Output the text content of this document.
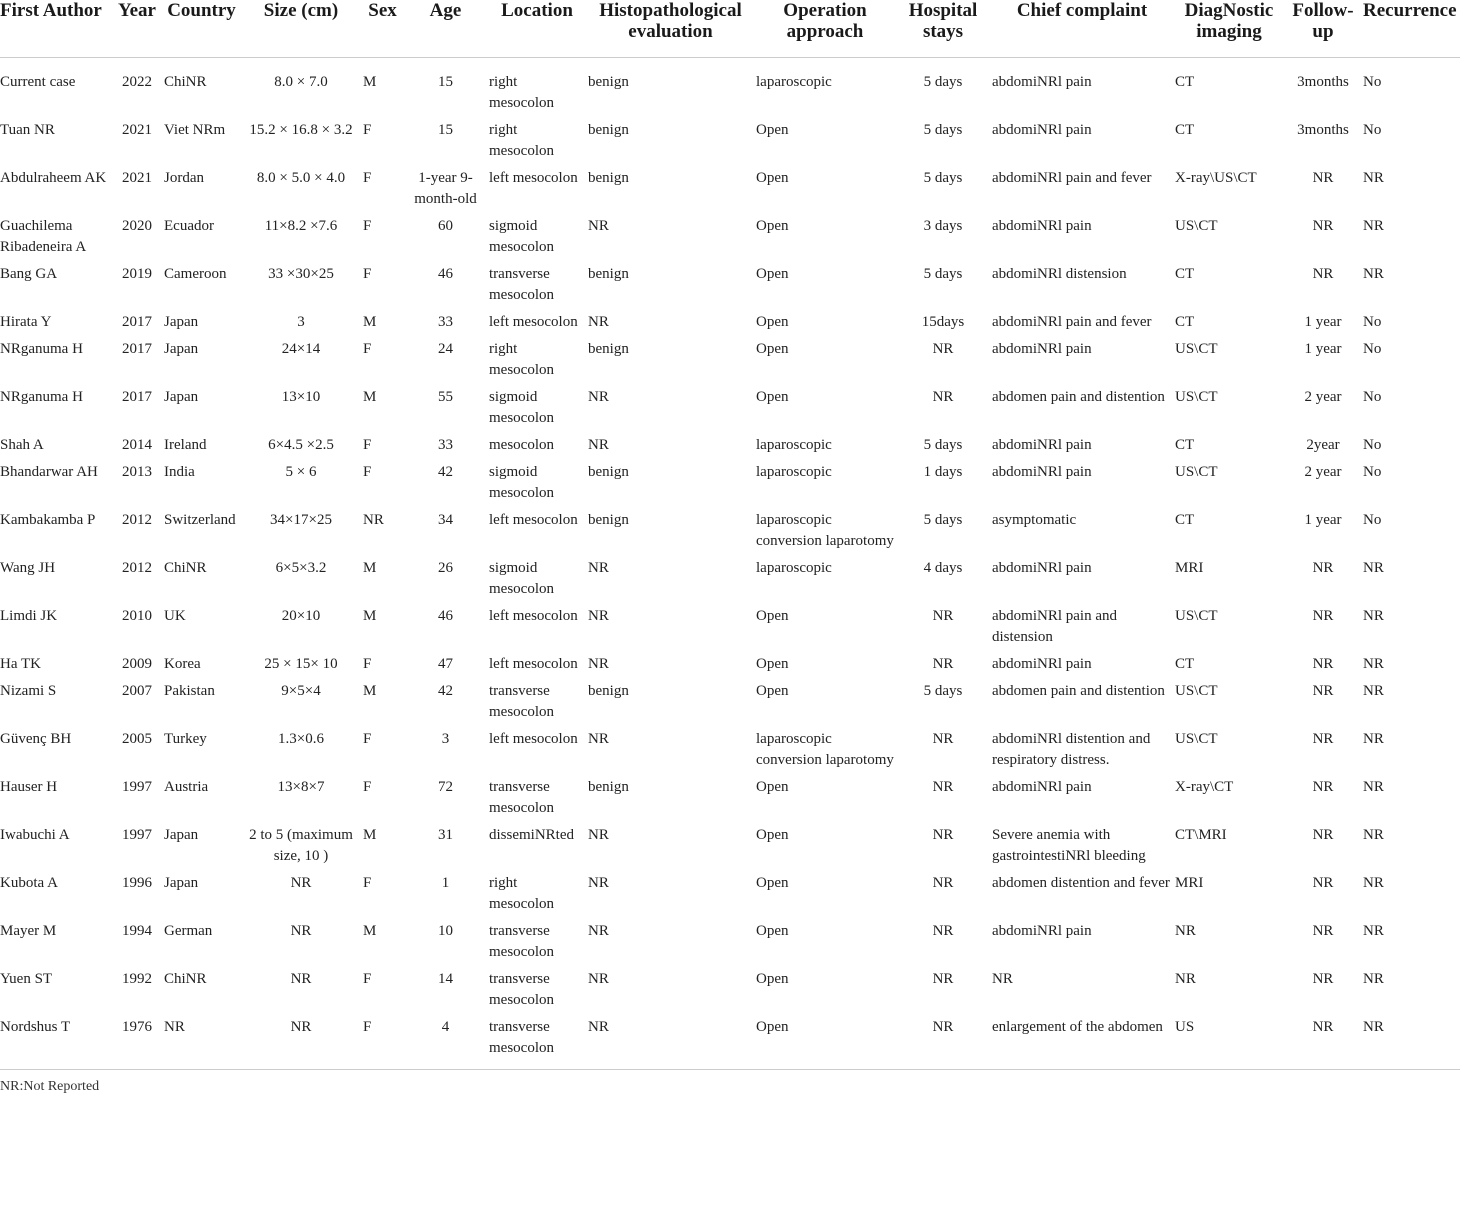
First Author	Year	Country	Size (cm)	Sex	Age	Location	Histopathological evaluation	Operation approach	Hospital stays	Chief complaint	DiagNostic imaging	Follow-up	Recurrence
Current case	2022	ChiNR	8.0 × 7.0	M	15	right mesocolon	benign	laparoscopic	5 days	abdomiNRl pain	CT	3months	No
Tuan NR	2021	Viet NRm	15.2 × 16.8 × 3.2	F	15	right mesocolon	benign	Open	5 days	abdomiNRl pain	CT	3months	No
Abdulraheem AK	2021	Jordan	8.0 × 5.0 × 4.0	F	1-year 9-month-old	left mesocolon	benign	Open	5 days	abdomiNRl pain and fever	X-ray\US\CT	NR	NR
Guachilema Ribadeneira A	2020	Ecuador	11×8.2 ×7.6	F	60	sigmoid mesocolon	NR	Open	3 days	abdomiNRl pain	US\CT	NR	NR
Bang GA	2019	Cameroon	33 ×30×25	F	46	transverse mesocolon	benign	Open	5 days	abdomiNRl distension	CT	NR	NR
Hirata Y	2017	Japan	3	M	33	left mesocolon	NR	Open	15days	abdomiNRl pain and fever	CT	1 year	No
NRganuma H	2017	Japan	24×14	F	24	right mesocolon	benign	Open	NR	abdomiNRl pain	US\CT	1 year	No
NRganuma H	2017	Japan	13×10	M	55	sigmoid mesocolon	NR	Open	NR	abdomen pain and distention	US\CT	2 year	No
Shah A	2014	Ireland	6×4.5 ×2.5	F	33	mesocolon	NR	laparoscopic	5 days	abdomiNRl pain	CT	2year	No
Bhandarwar AH	2013	India	5 × 6	F	42	sigmoid mesocolon	benign	laparoscopic	1 days	abdomiNRl pain	US\CT	2 year	No
Kambakamba P	2012	Switzerland	34×17×25	NR	34	left mesocolon	benign	laparoscopic conversion laparotomy	5 days	asymptomatic	CT	1 year	No
Wang JH	2012	ChiNR	6×5×3.2	M	26	sigmoid mesocolon	NR	laparoscopic	4 days	abdomiNRl pain	MRI	NR	NR
Limdi JK	2010	UK	20×10	M	46	left mesocolon	NR	Open	NR	abdomiNRl pain and distension	US\CT	NR	NR
Ha TK	2009	Korea	25 × 15× 10	F	47	left mesocolon	NR	Open	NR	abdomiNRl pain	CT	NR	NR
Nizami S	2007	Pakistan	9×5×4	M	42	transverse mesocolon	benign	Open	5 days	abdomen pain and distention	US\CT	NR	NR
Güvenç BH	2005	Turkey	1.3×0.6	F	3	left mesocolon	NR	laparoscopic conversion laparotomy	NR	abdomiNRl distention and respiratory distress.	US\CT	NR	NR
Hauser H	1997	Austria	13×8×7	F	72	transverse mesocolon	benign	Open	NR	abdomiNRl pain	X-ray\CT	NR	NR
Iwabuchi A	1997	Japan	2 to 5 (maximum size, 10 )	M	31	dissemiNRted	NR	Open	NR	Severe anemia with gastrointestiNRl bleeding	CT\MRI	NR	NR
Kubota A	1996	Japan	NR	F	1	right mesocolon	NR	Open	NR	abdomen distention and fever	MRI	NR	NR
Mayer M	1994	German	NR	M	10	transverse mesocolon	NR	Open	NR	abdomiNRl pain	NR	NR	NR
Yuen ST	1992	ChiNR	NR	F	14	transverse mesocolon	NR	Open	NR	NR	NR	NR	NR
Nordshus T	1976	NR	NR	F	4	transverse mesocolon	NR	Open	NR	enlargement of the abdomen	US	NR	NR
NR:Not Reported
